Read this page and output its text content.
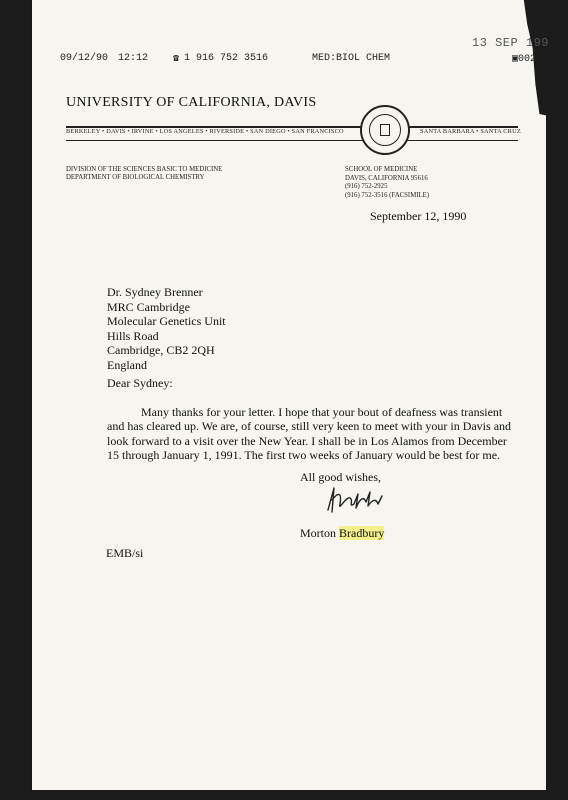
09/12/90 12:12 ☎ 1 916 752 3516	MED:BIOL CHEM	▣002
13 SEP 199
UNIVERSITY OF CALIFORNIA, DAVIS
BERKELEY • DAVIS • IRVINE • LOS ANGELES • RIVERSIDE • SAN DIEGO • SAN FRANCISCO	SANTA BARBARA • SANTA CRUZ
DIVISION OF THE SCIENCES BASIC TO MEDICINE
DEPARTMENT OF BIOLOGICAL CHEMISTRY
SCHOOL OF MEDICINE
DAVIS, CALIFORNIA 95616
(916) 752-2925
(916) 752-3516 (FACSIMILE)
September 12, 1990
Dr. Sydney Brenner
MRC Cambridge
Molecular Genetics Unit
Hills Road
Cambridge, CB2 2QH
England
Dear Sydney:
Many thanks for your letter. I hope that your bout of deafness was transient
and has cleared up. We are, of course, still very keen to meet with your in Davis and
look forward to a visit over the New Year. I shall be in Los Alamos from December
15 through January 1, 1991. The first two weeks of January would be best for me.
All good wishes,
Morton Bradbury
EMB/si
